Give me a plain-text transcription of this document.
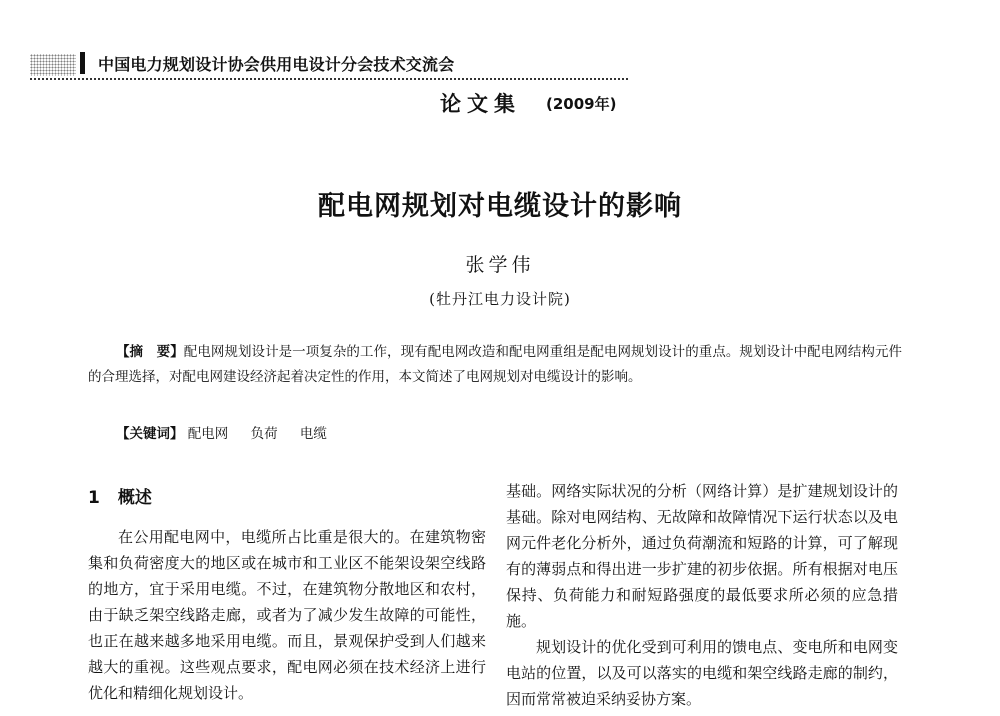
中国电力规划设计协会供用电设计分会技术交流会
论文集 (2009年)
配电网规划对电缆设计的影响
张学伟
(牡丹江电力设计院)

【摘　要】配电网规划设计是一项复杂的工作，现有配电网改造和配电网重组是配电网规划设计的重点。规划设计中配电网结构元件的合理选择，对配电网建设经济起着决定性的作用，本文简述了电网规划对电缆设计的影响。

【关键词】 配电网 负荷 电缆
1 概述

在公用配电网中，电缆所占比重是很大的。在建筑物密集和负荷密度大的地区或在城市和工业区不能架设架空线路的地方，宜于采用电缆。不过，在建筑物分散地区和农村，由于缺乏架空线路走廊，或者为了减少发生故障的可能性，也正在越来越多地采用电缆。而且，景观保护受到人们越来越大的重视。这些观点要求，配电网必须在技术经济上进行优化和精细化规划设计。

基础。网络实际状况的分析（网络计算）是扩建规划设计的基础。除对电网结构、无故障和故障情况下运行状态以及电网元件老化分析外，通过负荷潮流和短路的计算，可了解现有的薄弱点和得出进一步扩建的初步依据。所有根据对电压保持、负荷能力和耐短路强度的最低要求所必须的应急措施。

规划设计的优化受到可利用的馈电点、变电所和电网变电站的位置，以及可以落实的电缆和架空线路走廊的制约，因而常常被迫采纳妥协方案。
